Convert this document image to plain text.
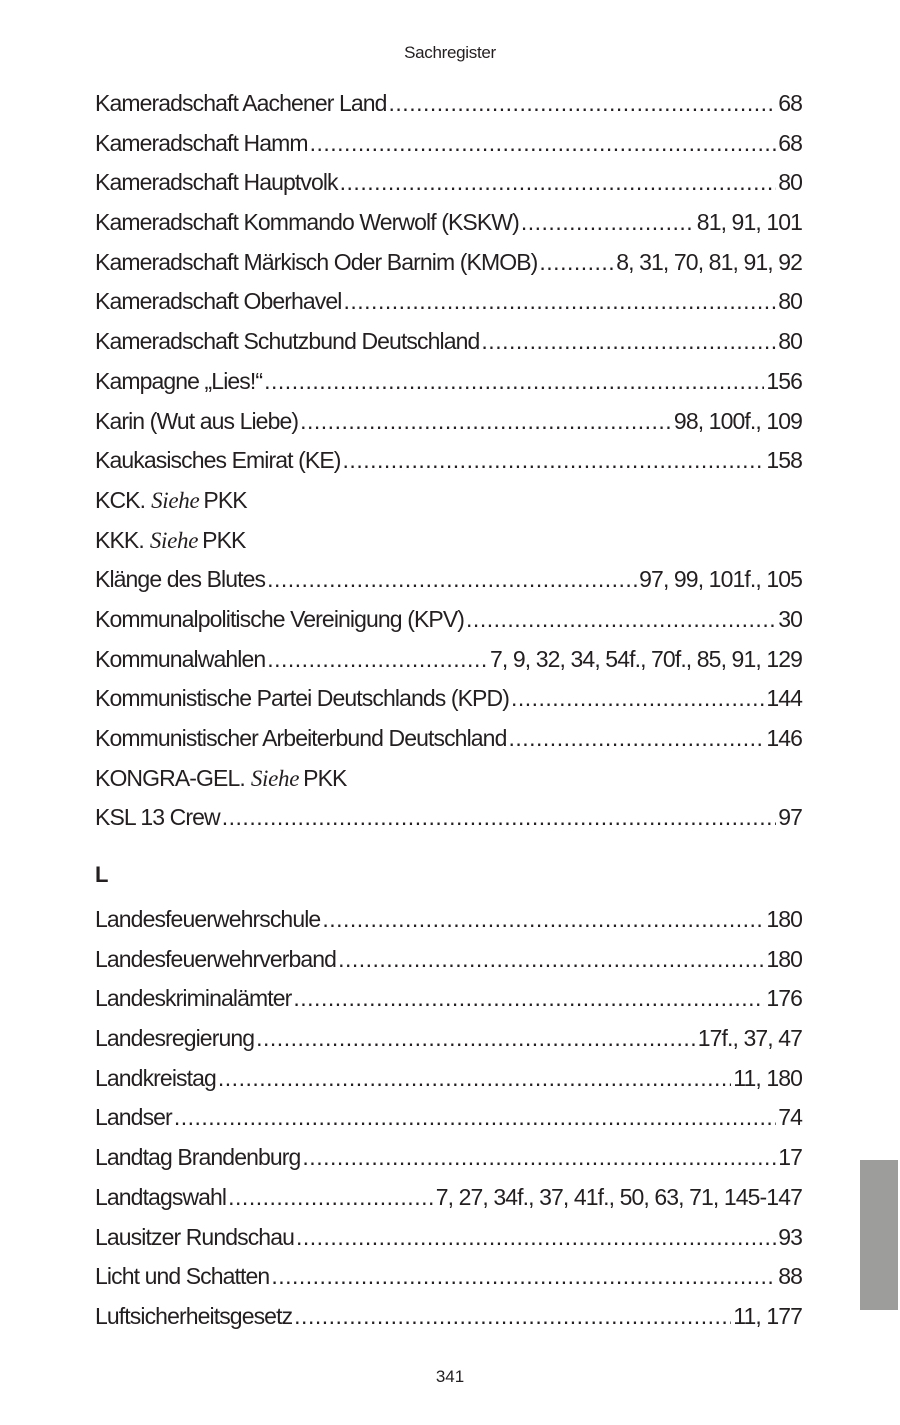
Sachregister
Kameradschaft Aachener Land .....	68
Kameradschaft Hamm .....	68
Kameradschaft Hauptvolk .....	80
Kameradschaft Kommando Werwolf (KSKW) .....	81, 91, 101
Kameradschaft Märkisch Oder Barnim (KMOB) .....	8, 31, 70, 81, 91, 92
Kameradschaft Oberhavel .....	80
Kameradschaft Schutzbund Deutschland .....	80
Kampagne „Lies!“ .....	156
Karin (Wut aus Liebe) .....	98, 100f., 109
Kaukasisches Emirat (KE) .....	158
KCK. Siehe PKK
KKK. Siehe PKK
Klänge des Blutes .....	97, 99, 101f., 105
Kommunalpolitische Vereinigung (KPV) .....	30
Kommunalwahlen .....	7, 9, 32, 34, 54f., 70f., 85, 91, 129
Kommunistische Partei Deutschlands (KPD) .....	144
Kommunistischer Arbeiterbund Deutschland .....	146
KONGRA-GEL. Siehe PKK
KSL 13 Crew .....	97
L
Landesfeuerwehrschule .....	180
Landesfeuerwehrverband .....	180
Landeskriminalämter .....	176
Landesregierung .....	17f., 37, 47
Landkreistag .....	11, 180
Landser .....	74
Landtag Brandenburg .....	17
Landtagswahl .....	7, 27, 34f., 37, 41f., 50, 63, 71, 145-147
Lausitzer Rundschau .....	93
Licht und Schatten .....	88
Luftsicherheitsgesetz .....	11, 177
341
